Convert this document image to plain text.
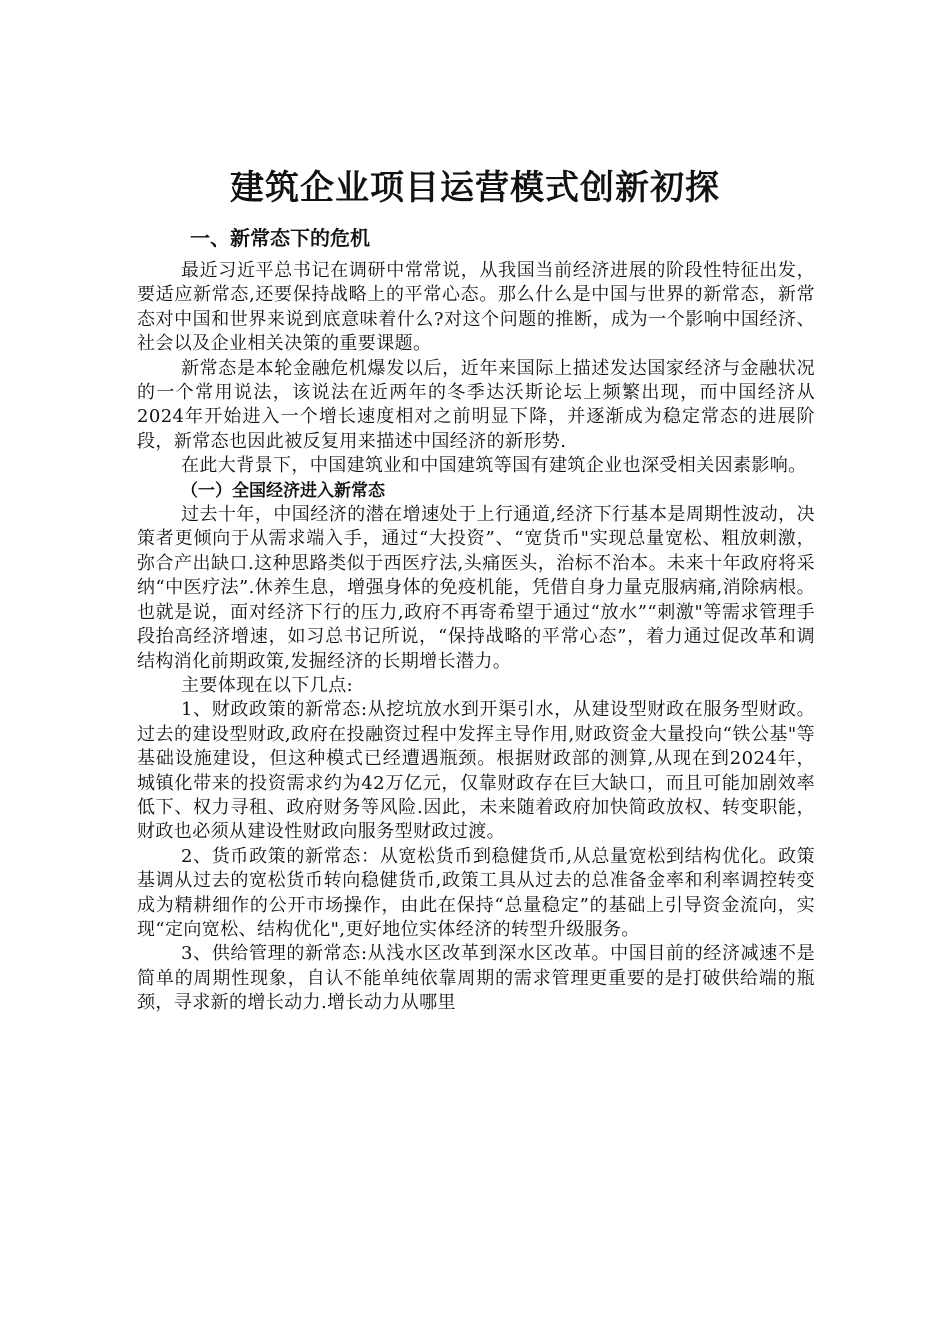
建筑企业项目运营模式创新初探
一、新常态下的危机

最近习近平总书记在调研中常常说，从我国当前经济进展的阶段性特征出发，要适应新常态,还要保持战略上的平常心态。那么什么是中国与世界的新常态，新常态对中国和世界来说到底意味着什么?对这个问题的推断，成为一个影响中国经济、社会以及企业相关决策的重要课题。

新常态是本轮金融危机爆发以后，近年来国际上描述发达国家经济与金融状况的一个常用说法，该说法在近两年的冬季达沃斯论坛上频繁出现，而中国经济从2024年开始进入一个增长速度相对之前明显下降，并逐渐成为稳定常态的进展阶段，新常态也因此被反复用来描述中国经济的新形势.

在此大背景下，中国建筑业和中国建筑等国有建筑企业也深受相关因素影响。

（一）全国经济进入新常态

过去十年，中国经济的潜在增速处于上行通道,经济下行基本是周期性波动，决策者更倾向于从需求端入手，通过“大投资”、“宽货币"实现总量宽松、粗放刺激，弥合产出缺口.这种思路类似于西医疗法,头痛医头，治标不治本。未来十年政府将采纳“中医疗法”.休养生息，增强身体的免疫机能，凭借自身力量克服病痛,消除病根。也就是说，面对经济下行的压力,政府不再寄希望于通过“放水”“刺激"等需求管理手段抬高经济增速，如习总书记所说，“保持战略的平常心态”，着力通过促改革和调结构消化前期政策,发掘经济的长期增长潜力。

主要体现在以下几点:

1、财政政策的新常态:从挖坑放水到开渠引水，从建设型财政在服务型财政。过去的建设型财政,政府在投融资过程中发挥主导作用,财政资金大量投向“铁公基"等基础设施建设，但这种模式已经遭遇瓶颈。根据财政部的测算,从现在到2024年，城镇化带来的投资需求约为42万亿元，仅靠财政存在巨大缺口，而且可能加剧效率低下、权力寻租、政府财务等风险.因此，未来随着政府加快简政放权、转变职能，财政也必须从建设性财政向服务型财政过渡。

2、货币政策的新常态：从宽松货币到稳健货币,从总量宽松到结构优化。政策基调从过去的宽松货币转向稳健货币,政策工具从过去的总准备金率和利率调控转变成为精耕细作的公开市场操作，由此在保持“总量稳定”的基础上引导资金流向，实现“定向宽松、结构优化",更好地位实体经济的转型升级服务。

3、供给管理的新常态:从浅水区改革到深水区改革。中国目前的经济减速不是简单的周期性现象，自认不能单纯依靠周期的需求管理更重要的是打破供给端的瓶颈，寻求新的增长动力.增长动力从哪里
